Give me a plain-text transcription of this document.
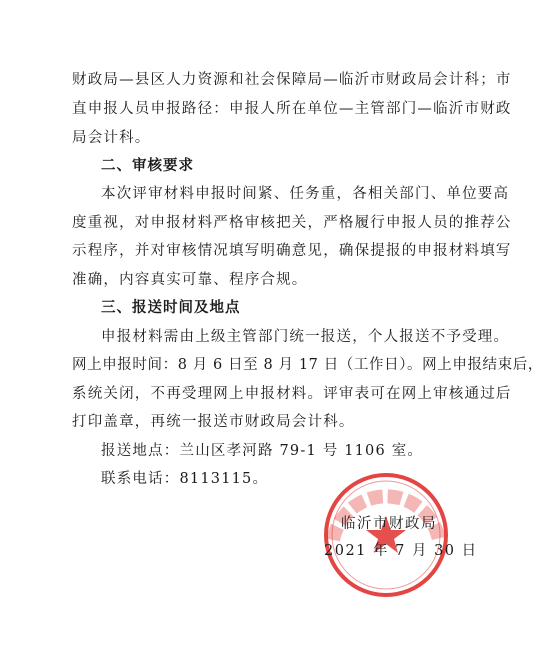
财政局—县区人力资源和社会保障局—临沂市财政局会计科；市
直申报人员申报路径：申报人所在单位—主管部门—临沂市财政
局会计科。
二、审核要求
本次评审材料申报时间紧、任务重，各相关部门、单位要高
度重视，对申报材料严格审核把关，严格履行申报人员的推荐公
示程序，并对审核情况填写明确意见，确保提报的申报材料填写
准确，内容真实可靠、程序合规。
三、报送时间及地点
申报材料需由上级主管部门统一报送，个人报送不予受理。
网上申报时间：8 月 6 日至 8 月 17 日（工作日）。网上申报结束后，
系统关闭，不再受理网上申报材料。评审表可在网上审核通过后
打印盖章，再统一报送市财政局会计科。
报送地点：兰山区孝河路 79-1 号 1106 室。
联系电话：8113115。
临沂市财政局
2021 年 7 月 30 日
